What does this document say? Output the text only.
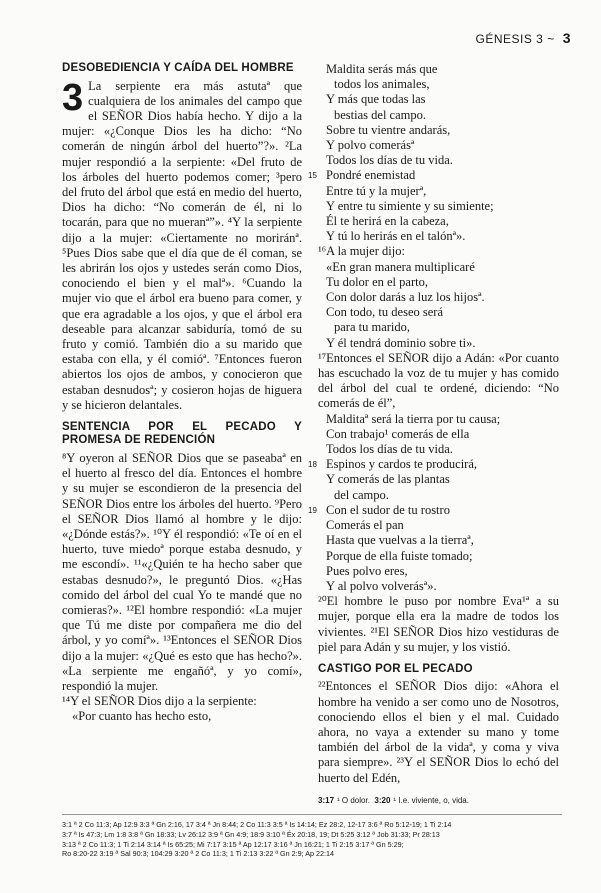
GÉNESIS 3 ~ 3
DESOBEDIENCIA Y CAÍDA DEL HOMBRE

3 La serpiente era más astutaª que cualquiera de los animales del campo que el SEÑOR Dios había hecho. Y dijo a la mujer: «¿Conque Dios les ha dicho: “No comerán de ningún árbol del huerto”?». ²La mujer respondió a la serpiente: «Del fruto de los árboles del huerto podemos comer; ³pero del fruto del árbol que está en medio del huerto, Dios ha dicho: “No comerán de él, ni lo tocarán, para que no mueranª”». ⁴Y la serpiente dijo a la mujer: «Ciertamente no moriránª. ⁵Pues Dios sabe que el día que de él coman, se les abrirán los ojos y ustedes serán como Dios, conociendo el bien y el malª». ⁶Cuando la mujer vio que el árbol era bueno para comer, y que era agradable a los ojos, y que el árbol era deseable para alcanzar sabiduría, tomó de su fruto y comió. También dio a su marido que estaba con ella, y él comióª. ⁷Entonces fueron abiertos los ojos de ambos, y conocieron que estaban desnudosª; y cosieron hojas de higuera y se hicieron delantales.

SENTENCIA POR EL PECADO Y PROMESA DE REDENCIÓN

⁸Y oyeron al SEÑOR Dios que se paseabaª en el huerto al fresco del día. Entonces el hombre y su mujer se escondieron de la presencia del SEÑOR Dios entre los árboles del huerto. ⁹Pero el SEÑOR Dios llamó al hombre y le dijo: «¿Dónde estás?». ¹⁰Y él respondió: «Te oí en el huerto, tuve miedoª porque estaba desnudo, y me escondí». ¹¹«¿Quién te ha hecho saber que estabas desnudo?», le preguntó Dios. «¿Has comido del árbol del cual Yo te mandé que no comieras?». ¹²El hombre respondió: «La mujer que Tú me diste por compañera me dio del árbol, y yo comíª». ¹³Entonces el SEÑOR Dios dijo a la mujer: «¿Qué es esto que has hecho?». «La serpiente me engañóª, y yo comí», respondió la mujer.

¹⁴Y el SEÑOR Dios dijo a la serpiente:

«Por cuanto has hecho esto,

Maldita serás más que
todos los animales,
Y más que todas las
bestias del campo.
Sobre tu vientre andarás,
Y polvo comerásª
Todos los días de tu vida.
15 Pondré enemistad
Entre tú y la mujerª,
Y entre tu simiente y su simiente;
Él te herirá en la cabeza,
Y tú lo herirás en el talónª».

¹⁶A la mujer dijo:

«En gran manera multiplicaré
Tu dolor en el parto,
Con dolor darás a luz los hijosª.
Con todo, tu deseo será
para tu marido,
Y él tendrá dominio sobre ti».

¹⁷Entonces el SEÑOR dijo a Adán: «Por cuanto has escuchado la voz de tu mujer y has comido del árbol del cual te ordené, diciendo: “No comerás de él”,

Malditaª será la tierra por tu causa;
Con trabajo¹ comerás de ella
Todos los días de tu vida.
18 Espinos y cardos te producirá,
Y comerás de las plantas
del campo.
19 Con el sudor de tu rostro
Comerás el pan
Hasta que vuelvas a la tierraª,
Porque de ella fuiste tomado;
Pues polvo eres,
Y al polvo volverásª».

²⁰El hombre le puso por nombre Eva¹ª a su mujer, porque ella era la madre de todos los vivientes. ²¹El SEÑOR Dios hizo vestiduras de piel para Adán y su mujer, y los vistió.

CASTIGO POR EL PECADO

²²Entonces el SEÑOR Dios dijo: «Ahora el hombre ha venido a ser como uno de Nosotros, conociendo ellos el bien y el mal. Cuidado ahora, no vaya a extender su mano y tome también del árbol de la vidaª, y coma y viva para siempre». ²³Y el SEÑOR Dios lo echó del huerto del Edén,

3:17 ¹ O dolor. 3:20 ¹ I.e. viviente, o, vida.
3:1 ª 2 Co 11:3; Ap 12:9 3:3 ª Gn 2:16, 17 3:4 ª Jn 8:44; 2 Co 11:3 3:5 ª Is 14:14; Ez 28:2, 12-17 3:6 ª Ro 5:12-19; 1 Ti 2:14
3:7 ª Is 47:3; Lm 1:8 3:8 ª Gn 18:33; Lv 26:12 3:9 ª Gn 4:9; 18:9 3:10 ª Éx 20:18, 19; Dt 5:25 3:12 ª Job 31:33; Pr 28:13
3:13 ª 2 Co 11:3; 1 Ti 2:14 3:14 ª Is 65:25; Mi 7:17 3:15 ª Ap 12:17 3:16 ª Jn 16:21; 1 Ti 2:15 3:17 ª Gn 5:29;
Ro 8:20-22 3:19 ª Sal 90:3; 104:29 3:20 ª 2 Co 11:3; 1 Ti 2:13 3:22 ª Gn 2:9; Ap 22:14
